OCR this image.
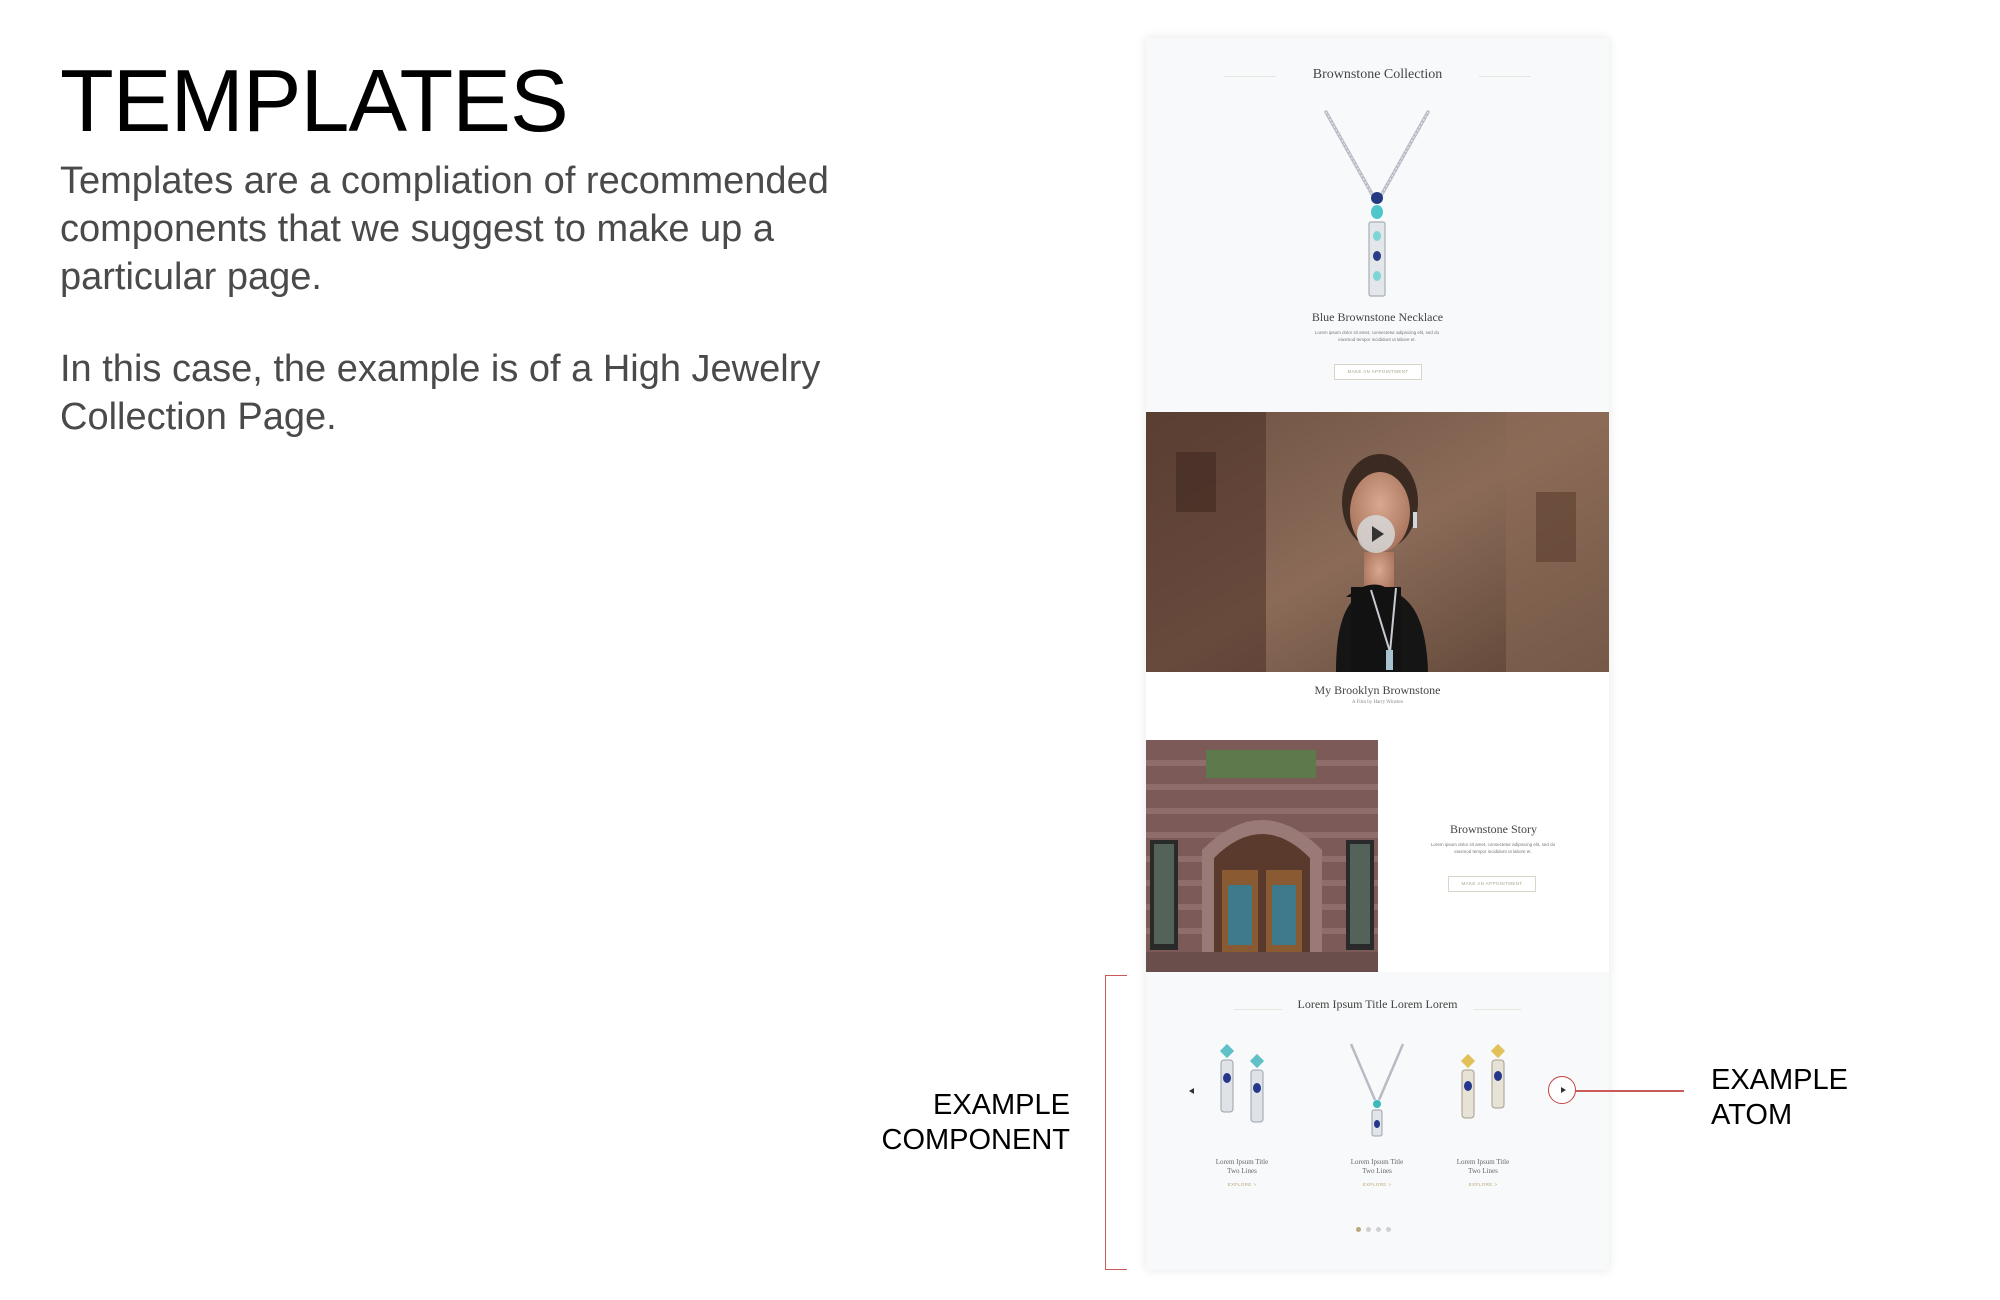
TEMPLATES
Templates are a compliation of recommended components that we suggest to make up a particular page.
In this case, the example is of a High Jewelry Collection Page.
Brownstone Collection
Blue Brownstone Necklace
Lorem ipsum dolor sit amet, consectetur adipiscing elit, sed do eiusmod tempor incididunt ut labore et.
MAKE AN APPOINTMENT
My Brooklyn Brownstone
A Film by Harry Winston
Brownstone Story
Lorem ipsum dolor sit amet, consectetur adipiscing elit, sed do eiusmod tempor incididunt ut labore et.
MAKE AN APPOINTMENT
Lorem Ipsum Title Lorem Lorem
Lorem Ipsum Title
Two Lines
EXPLORE >
Lorem Ipsum Title
Two Lines
EXPLORE >
Lorem Ipsum Title
Two Lines
EXPLORE >
EXAMPLE
COMPONENT
EXAMPLE
ATOM
